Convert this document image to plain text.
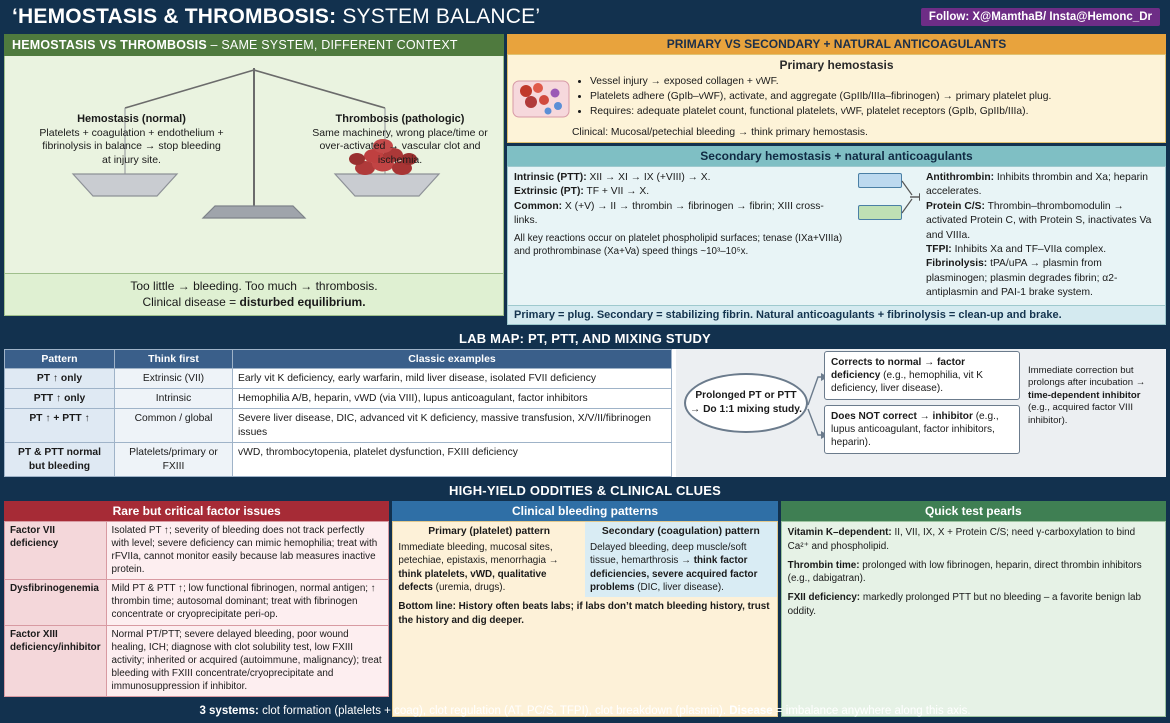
‘HEMOSTASIS & THROMBOSIS: SYSTEM BALANCE’	Follow: X@MamthaB/ Insta@Hemonc_Dr
HEMOSTASIS VS THROMBOSIS – SAME SYSTEM, DIFFERENT CONTEXT
Hemostasis (normal)
Platelets + coagulation + endothelium + fibrinolysis in balance → stop bleeding at injury site.
Thrombosis (pathologic)
Same machinery, wrong place/time or over-activated → vascular clot and ischemia.
Too little → bleeding. Too much → thrombosis.
Clinical disease = disturbed equilibrium.
PRIMARY VS SECONDARY + NATURAL ANTICOAGULANTS
Primary hemostasis
• Vessel injury → exposed collagen + vWF.
• Platelets adhere (GpIb–vWF), activate, and aggregate (GpIIb/IIIa–fibrinogen) → primary platelet plug.
• Requires: adequate platelet count, functional platelets, vWF, platelet receptors (GpIb, GpIIb/IIIa).
Clinical: Mucosal/petechial bleeding → think primary hemostasis.
Secondary hemostasis + natural anticoagulants
Intrinsic (PTT): XII → XI → IX (+VIII) → X.
Extrinsic (PT): TF + VII → X.
Common: X (+V) → II → thrombin → fibrinogen → fibrin; XIII cross-links.
All key reactions occur on platelet phospholipid surfaces; tenase (IXa+VIIIa) and prothrombinase (Xa+Va) speed things ~10³–10⁵x.
Antithrombin: Inhibits thrombin and Xa; heparin accelerates.
Protein C/S: Thrombin–thrombomodulin → activated Protein C, with Protein S, inactivates Va and VIIIa.
TFPI: Inhibits Xa and TF–VIIa complex.
Fibrinolysis: tPA/uPA → plasmin from plasminogen; plasmin degrades fibrin; α2-antiplasmin and PAI-1 brake system.
Primary = plug. Secondary = stabilizing fibrin. Natural anticoagulants + fibrinolysis = clean-up and brake.
LAB MAP: PT, PTT, AND MIXING STUDY
Pattern	Think first	Classic examples
PT ↑ only	Extrinsic (VII)	Early vit K deficiency, early warfarin, mild liver disease, isolated FVII deficiency
PTT ↑ only	Intrinsic	Hemophilia A/B, heparin, vWD (via VIII), lupus anticoagulant, factor inhibitors
PT ↑ + PTT ↑	Common / global	Severe liver disease, DIC, advanced vit K deficiency, massive transfusion, X/V/II/fibrinogen issues
PT & PTT normal but bleeding	Platelets/primary or FXIII	vWD, thrombocytopenia, platelet dysfunction, FXIII deficiency
Prolonged PT or PTT → Do 1:1 mixing study.
Corrects to normal → factor deficiency (e.g., hemophilia, vit K deficiency, liver disease).
Does NOT correct → inhibitor (e.g., lupus anticoagulant, factor inhibitors, heparin).
Immediate correction but prolongs after incubation → time-dependent inhibitor (e.g., acquired factor VIII inhibitor).
HIGH-YIELD ODDITIES & CLINICAL CLUES
Rare but critical factor issues
Factor VII deficiency	Isolated PT ↑; severity of bleeding does not track perfectly with level; severe deficiency can mimic hemophilia; treat with rFVIIa, cannot monitor easily because lab measures inactive protein.
Dysfibrinogenemia	Mild PT & PTT ↑; low functional fibrinogen, normal antigen; ↑ thrombin time; autosomal dominant; treat with fibrinogen concentrate or cryoprecipitate peri-op.
Factor XIII deficiency/inhibitor	Normal PT/PTT; severe delayed bleeding, poor wound healing, ICH; diagnose with clot solubility test, low FXIII activity; inherited or acquired (autoimmune, malignancy); treat bleeding with FXIII concentrate/cryoprecipitate and immunosuppression if inhibitor.
Clinical bleeding patterns
Primary (platelet) pattern
Immediate bleeding, mucosal sites, petechiae, epistaxis, menorrhagia → think platelets, vWD, qualitative defects (uremia, drugs).
Secondary (coagulation) pattern
Delayed bleeding, deep muscle/soft tissue, hemarthrosis → think factor deficiencies, severe acquired factor problems (DIC, liver disease).
Bottom line: History often beats labs; if labs don’t match bleeding history, trust the history and dig deeper.
Quick test pearls

Vitamin K–dependent: II, VII, IX, X + Protein C/S; need γ-carboxylation to bind Ca²⁺ and phospholipid.

Thrombin time: prolonged with low fibrinogen, heparin, direct thrombin inhibitors (e.g., dabigatran).

FXII deficiency: markedly prolonged PTT but no bleeding – a favorite benign lab oddity.

3 systems: clot formation (platelets + coag), clot regulation (AT, PC/S, TFPI), clot breakdown (plasmin). Disease = imbalance anywhere along this axis.
